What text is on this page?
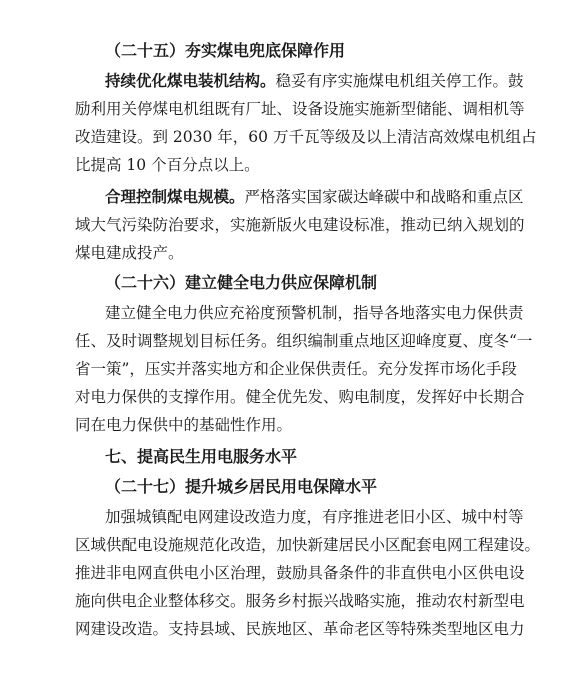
（二十五）夯实煤电兜底保障作用
持续优化煤电装机结构。稳妥有序实施煤电机组关停工作。鼓
励利用关停煤电机组既有厂址、设备设施实施新型储能、调相机等
改造建设。到 2030 年，60 万千瓦等级及以上清洁高效煤电机组占
比提高 10 个百分点以上。
合理控制煤电规模。严格落实国家碳达峰碳中和战略和重点区
域大气污染防治要求，实施新版火电建设标准，推动已纳入规划的
煤电建成投产。
（二十六）建立健全电力供应保障机制
建立健全电力供应充裕度预警机制，指导各地落实电力保供责
任、及时调整规划目标任务。组织编制重点地区迎峰度夏、度冬“一
省一策”，压实并落实地方和企业保供责任。充分发挥市场化手段
对电力保供的支撑作用。健全优先发、购电制度，发挥好中长期合
同在电力保供中的基础性作用。
七、提高民生用电服务水平
（二十七）提升城乡居民用电保障水平
加强城镇配电网建设改造力度，有序推进老旧小区、城中村等
区域供配电设施规范化改造，加快新建居民小区配套电网工程建设。
推进非电网直供电小区治理，鼓励具备条件的非直供电小区供电设
施向供电企业整体移交。服务乡村振兴战略实施，推动农村新型电
网建设改造。支持县域、民族地区、革命老区等特殊类型地区电力
